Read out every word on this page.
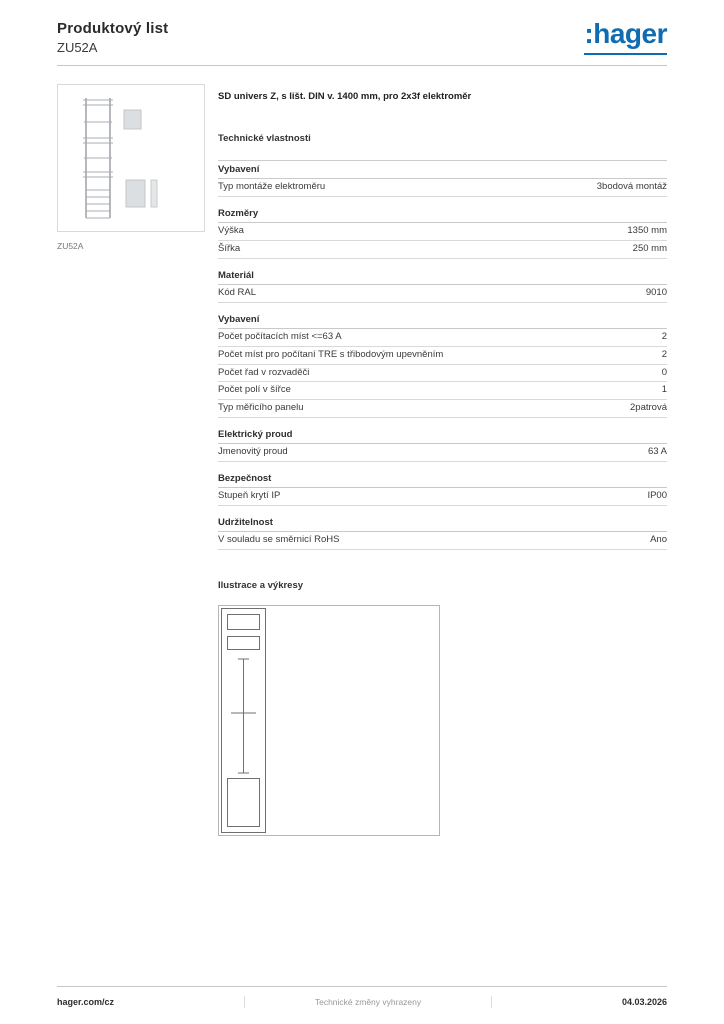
Produktový list
ZU52A	:hager
ZU52A
SD univers Z, s lišt. DIN v. 1400 mm, pro 2x3f elektroměr
Technické vlastnosti
Vybavení
Typ montáže elektroměru	3bodová montáž
Rozměry
Výška	1350 mm
Šířka	250 mm
Materiál
Kód RAL	9010
Vybavení
Počet počítacích míst <=63 A	2
Počet míst pro počítaní TRE s třibodovým upevněním	2
Počet řad v rozvaděči	0
Počet polí v šířce	1
Typ měřicího panelu	2patrová
Elektrický proud
Jmenovitý proud	63 A
Bezpečnost
Stupeň krytí IP	IP00
Udržitelnost
V souladu se směrnicí RoHS	Ano
Ilustrace a výkresy
hager.com/cz	Technické změny vyhrazeny	04.03.2026
